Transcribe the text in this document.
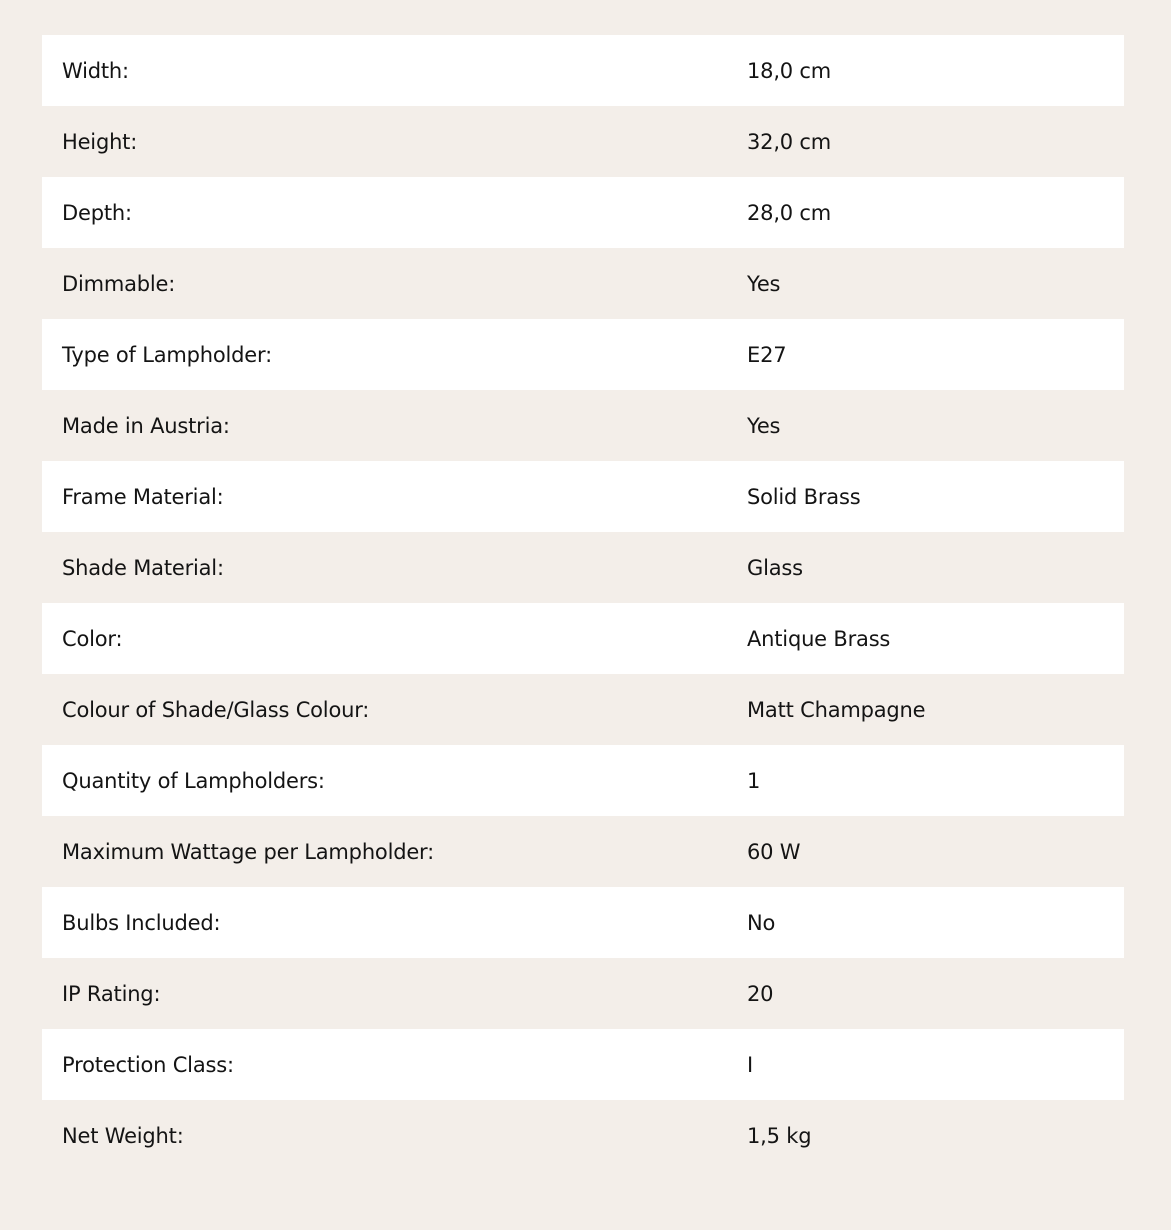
Width:	18,0 cm
Height:	32,0 cm
Depth:	28,0 cm
Dimmable:	Yes
Type of Lampholder:	E27
Made in Austria:	Yes
Frame Material:	Solid Brass
Shade Material:	Glass
Color:	Antique Brass
Colour of Shade/Glass Colour:	Matt Champagne
Quantity of Lampholders:	1
Maximum Wattage per Lampholder:	60 W
Bulbs Included:	No
IP Rating:	20
Protection Class:	I
Net Weight:	1,5 kg
